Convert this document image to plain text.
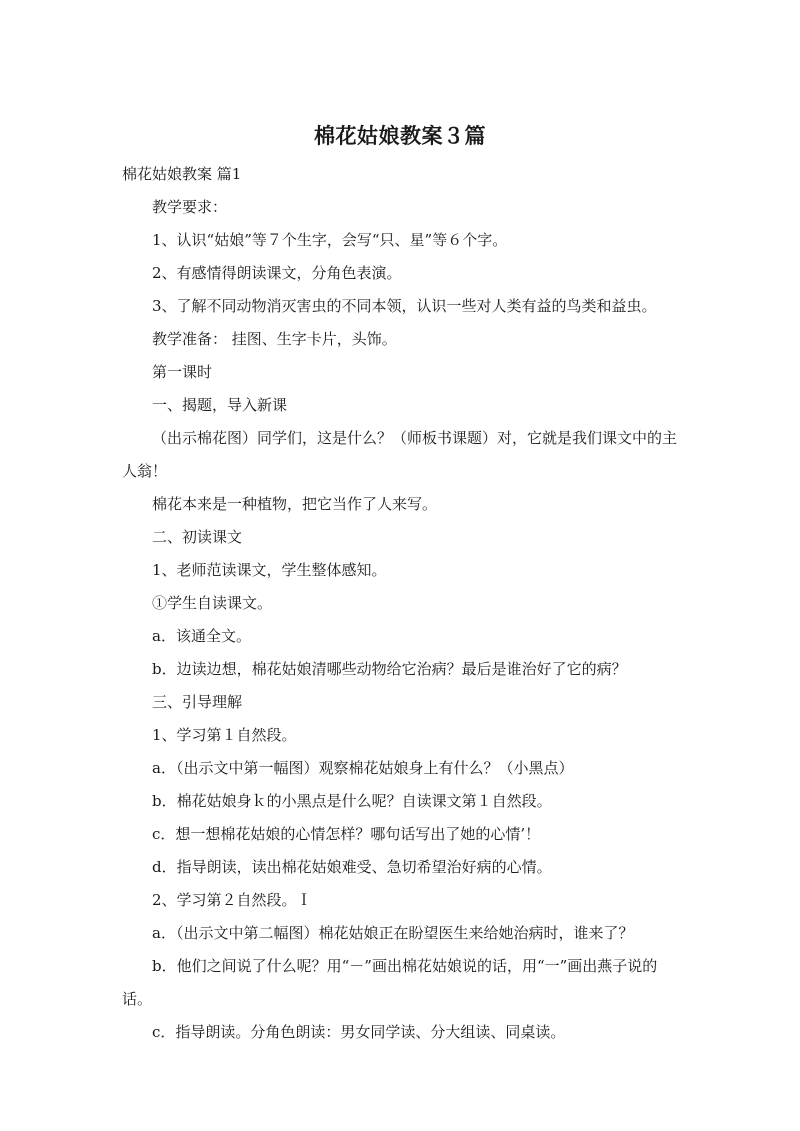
棉花姑娘教案３篇

棉花姑娘教案 篇1

教学要求：

1、认识“姑娘”等７个生字，会写“只、星”等６个字。

2、有感情得朗读课文，分角色表演。

3、了解不同动物消灭害虫的不同本领，认识一些对人类有益的鸟类和益虫。

教学准备： 挂图、生字卡片，头饰。

第一课时

一、揭题，导入新课

（出示棉花图）同学们，这是什么？（师板书课题）对，它就是我们课文中的主人翁！

棉花本来是一种植物，把它当作了人来写。

二、初读课文

1、老师范读课文，学生整体感知。

①学生自读课文。

a．该通全文。

b．边读边想，棉花姑娘清哪些动物给它治病？最后是谁治好了它的病？

三、引导理解

1、学习第１自然段。

a．（出示文中第一幅图）观察棉花姑娘身上有什么？（小黑点）

b．棉花姑娘身ｋ的小黑点是什么呢？自读课文第１自然段。

c．想一想棉花姑娘的心情怎样？哪句话写出了她的心情’！

d．指导朗读，读出棉花姑娘难受、急切希望治好病的心情。

2、学习第２自然段。Ｉ

a．（出示文中第二幅图）棉花姑娘正在盼望医生来给她治病时，谁来了？

b．他们之间说了什么呢？用“－”画出棉花姑娘说的话，用“一”画出燕子说的话。

c．指导朗读。分角色朗读：男女同学读、分大组读、同桌读。
